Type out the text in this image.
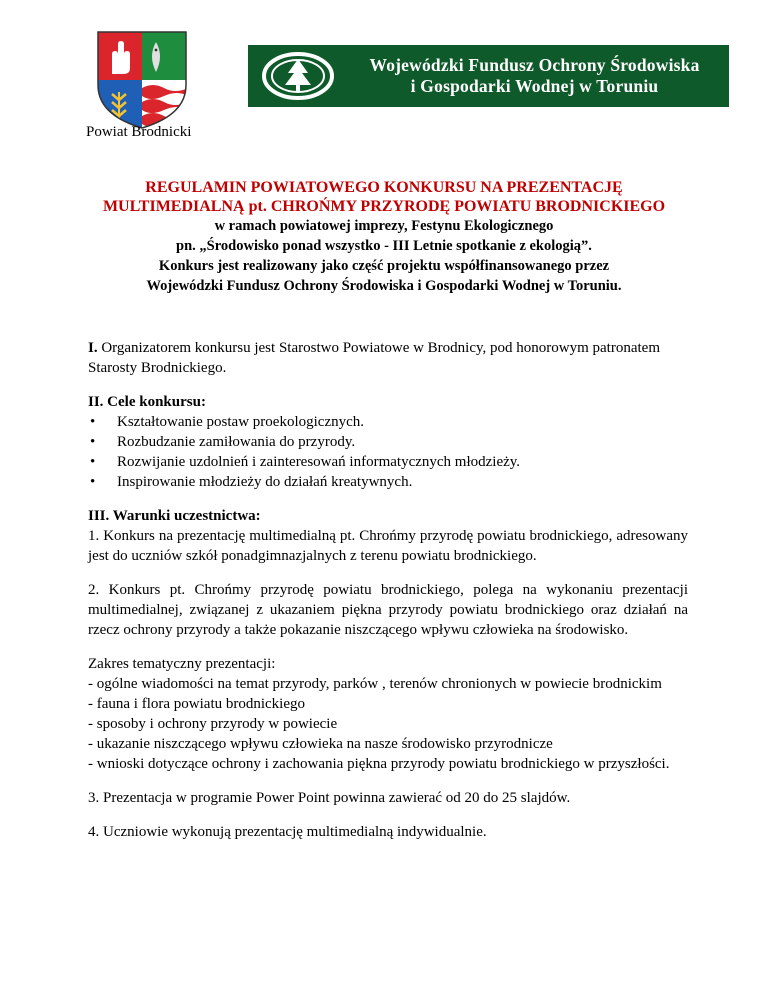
Powiat Brodnicki
Wojewódzki Fundusz Ochrony Środowiska
i Gospodarki Wodnej w Toruniu

REGULAMIN POWIATOWEGO KONKURSU NA PREZENTACJĘ

MULTIMEDIALNĄ pt. CHROŃMY PRZYRODĘ POWIATU BRODNICKIEGO

w ramach powiatowej imprezy, Festynu Ekologicznego

pn. „Środowisko ponad wszystko - III Letnie spotkanie z ekologią”.

Konkurs jest realizowany jako część projektu współfinansowanego przez

Wojewódzki Fundusz Ochrony Środowiska i Gospodarki Wodnej w Toruniu.

I. Organizatorem konkursu jest Starostwo Powiatowe w Brodnicy, pod honorowym patronatem Starosty Brodnickiego.

II. Cele konkursu:

• Kształtowanie postaw proekologicznych.
• Rozbudzanie zamiłowania do przyrody.
• Rozwijanie uzdolnień i zainteresowań informatycznych młodzieży.
• Inspirowanie młodzieży do działań kreatywnych.

III. Warunki uczestnictwa:

1. Konkurs na prezentację multimedialną pt. Chrońmy przyrodę powiatu brodnickiego, adresowany jest do uczniów szkół ponadgimnazjalnych z terenu powiatu brodnickiego.

2. Konkurs pt. Chrońmy przyrodę powiatu brodnickiego, polega na wykonaniu prezentacji multimedialnej, związanej z ukazaniem piękna przyrody powiatu brodnickiego oraz działań na rzecz ochrony przyrody a także pokazanie niszczącego wpływu człowieka na środowisko.

Zakres tematyczny prezentacji:

- ogólne wiadomości na temat przyrody, parków , terenów chronionych w powiecie brodnickim

- fauna i flora powiatu brodnickiego

- sposoby i ochrony przyrody w powiecie

- ukazanie niszczącego wpływu człowieka na nasze środowisko przyrodnicze

- wnioski dotyczące ochrony i zachowania piękna przyrody powiatu brodnickiego w przyszłości.

3. Prezentacja w programie Power Point powinna zawierać od 20 do 25 slajdów.

4. Uczniowie wykonują prezentację multimedialną indywidualnie.
